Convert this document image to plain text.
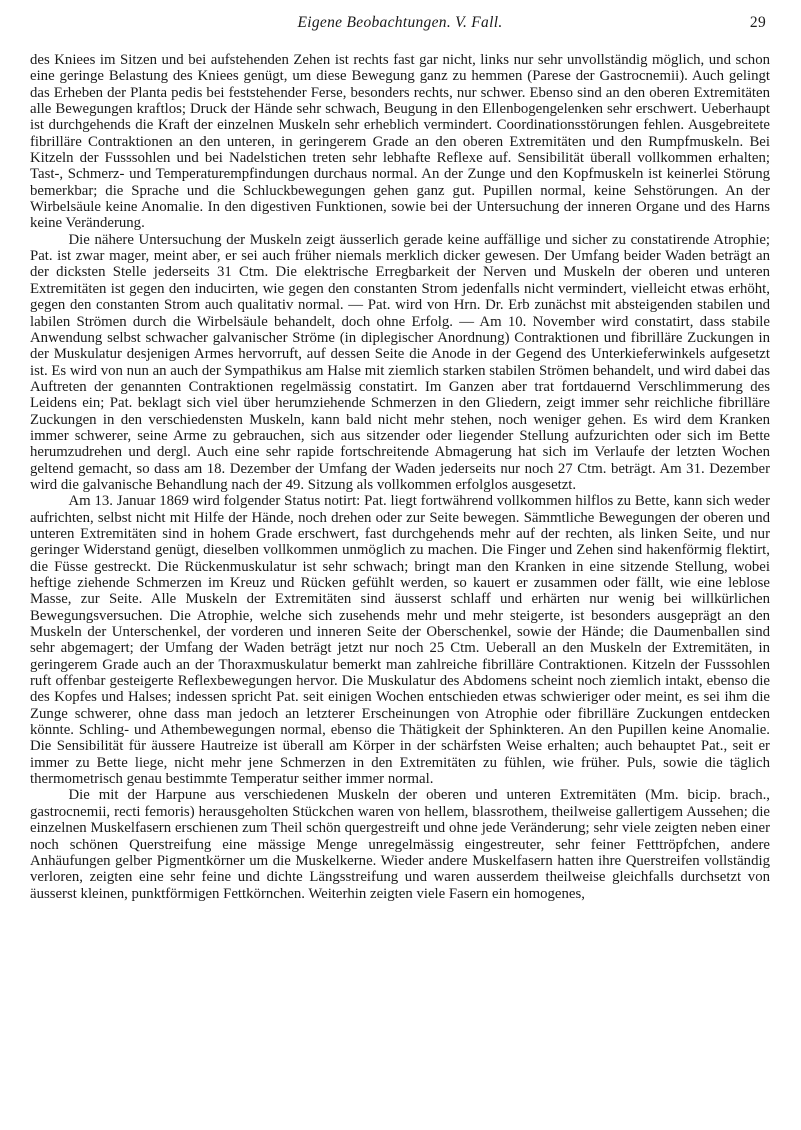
Eigene Beobachtungen. V. Fall.	29

des Kniees im Sitzen und bei aufstehenden Zehen ist rechts fast gar nicht, links nur sehr unvollständig möglich, und schon eine geringe Belastung des Kniees genügt, um diese Bewegung ganz zu hemmen (Parese der Gastrocnemii). Auch gelingt das Erheben der Planta pedis bei feststehender Ferse, besonders rechts, nur schwer. Ebenso sind an den oberen Extremitäten alle Bewegungen kraftlos; Druck der Hände sehr schwach, Beugung in den Ellenbogengelenken sehr erschwert. Ueberhaupt ist durchgehends die Kraft der einzelnen Muskeln sehr erheblich vermindert. Coordinationsstörungen fehlen. Ausgebreitete fibrilläre Contraktionen an den unteren, in geringerem Grade an den oberen Extremitäten und den Rumpfmuskeln. Bei Kitzeln der Fusssohlen und bei Nadelstichen treten sehr lebhafte Reflexe auf. Sensibilität überall vollkommen erhalten; Tast-, Schmerz- und Temperaturempfindungen durchaus normal. An der Zunge und den Kopfmuskeln ist keinerlei Störung bemerkbar; die Sprache und die Schluckbewegungen gehen ganz gut. Pupillen normal, keine Sehstörungen. An der Wirbelsäule keine Anomalie. In den digestiven Funktionen, sowie bei der Untersuchung der inneren Organe und des Harns keine Veränderung.

Die nähere Untersuchung der Muskeln zeigt äusserlich gerade keine auffällige und sicher zu constatirende Atrophie; Pat. ist zwar mager, meint aber, er sei auch früher niemals merklich dicker gewesen. Der Umfang beider Waden beträgt an der dicksten Stelle jederseits 31 Ctm. Die elektrische Erregbarkeit der Nerven und Muskeln der oberen und unteren Extremitäten ist gegen den inducirten, wie gegen den constanten Strom jedenfalls nicht vermindert, vielleicht etwas erhöht, gegen den constanten Strom auch qualitativ normal. — Pat. wird von Hrn. Dr. Erb zunächst mit absteigenden stabilen und labilen Strömen durch die Wirbelsäule behandelt, doch ohne Erfolg. — Am 10. November wird constatirt, dass stabile Anwendung selbst schwacher galvanischer Ströme (in diplegischer Anordnung) Contraktionen und fibrilläre Zuckungen in der Muskulatur desjenigen Armes hervorruft, auf dessen Seite die Anode in der Gegend des Unterkieferwinkels aufgesetzt ist. Es wird von nun an auch der Sympathikus am Halse mit ziemlich starken stabilen Strömen behandelt, und wird dabei das Auftreten der genannten Contraktionen regelmässig constatirt. Im Ganzen aber trat fortdauernd Verschlimmerung des Leidens ein; Pat. beklagt sich viel über herumziehende Schmerzen in den Gliedern, zeigt immer sehr reichliche fibrilläre Zuckungen in den verschiedensten Muskeln, kann bald nicht mehr stehen, noch weniger gehen. Es wird dem Kranken immer schwerer, seine Arme zu gebrauchen, sich aus sitzender oder liegender Stellung aufzurichten oder sich im Bette herumzudrehen und dergl. Auch eine sehr rapide fortschreitende Abmagerung hat sich im Verlaufe der letzten Wochen geltend gemacht, so dass am 18. Dezember der Umfang der Waden jederseits nur noch 27 Ctm. beträgt. Am 31. Dezember wird die galvanische Behandlung nach der 49. Sitzung als vollkommen erfolglos ausgesetzt.

Am 13. Januar 1869 wird folgender Status notirt: Pat. liegt fortwährend vollkommen hilflos zu Bette, kann sich weder aufrichten, selbst nicht mit Hilfe der Hände, noch drehen oder zur Seite bewegen. Sämmtliche Bewegungen der oberen und unteren Extremitäten sind in hohem Grade erschwert, fast durchgehends mehr auf der rechten, als linken Seite, und nur geringer Widerstand genügt, dieselben vollkommen unmöglich zu machen. Die Finger und Zehen sind hakenförmig flektirt, die Füsse gestreckt. Die Rückenmuskulatur ist sehr schwach; bringt man den Kranken in eine sitzende Stellung, wobei heftige ziehende Schmerzen im Kreuz und Rücken gefühlt werden, so kauert er zusammen oder fällt, wie eine leblose Masse, zur Seite. Alle Muskeln der Extremitäten sind äusserst schlaff und erhärten nur wenig bei willkürlichen Bewegungsversuchen. Die Atrophie, welche sich zusehends mehr und mehr steigerte, ist besonders ausgeprägt an den Muskeln der Unterschenkel, der vorderen und inneren Seite der Oberschenkel, sowie der Hände; die Daumenballen sind sehr abgemagert; der Umfang der Waden beträgt jetzt nur noch 25 Ctm. Ueberall an den Muskeln der Extremitäten, in geringerem Grade auch an der Thoraxmuskulatur bemerkt man zahlreiche fibrilläre Contraktionen. Kitzeln der Fusssohlen ruft offenbar gesteigerte Reflexbewegungen hervor. Die Muskulatur des Abdomens scheint noch ziemlich intakt, ebenso die des Kopfes und Halses; indessen spricht Pat. seit einigen Wochen entschieden etwas schwieriger oder meint, es sei ihm die Zunge schwerer, ohne dass man jedoch an letzterer Erscheinungen von Atrophie oder fibrilläre Zuckungen entdecken könnte. Schling- und Athembewegungen normal, ebenso die Thätigkeit der Sphinkteren. An den Pupillen keine Anomalie. Die Sensibilität für äussere Hautreize ist überall am Körper in der schärfsten Weise erhalten; auch behauptet Pat., seit er immer zu Bette liege, nicht mehr jene Schmerzen in den Extremitäten zu fühlen, wie früher. Puls, sowie die täglich thermometrisch genau bestimmte Temperatur seither immer normal.

Die mit der Harpune aus verschiedenen Muskeln der oberen und unteren Extremitäten (Mm. bicip. brach., gastrocnemii, recti femoris) herausgeholten Stückchen waren von hellem, blassrothem, theilweise gallertigem Aussehen; die einzelnen Muskelfasern erschienen zum Theil schön quergestreift und ohne jede Veränderung; sehr viele zeigten neben einer noch schönen Querstreifung eine mässige Menge unregelmässig eingestreuter, sehr feiner Fetttröpfchen, andere Anhäufungen gelber Pigmentkörner um die Muskelkerne. Wieder andere Muskelfasern hatten ihre Querstreifen vollständig verloren, zeigten eine sehr feine und dichte Längsstreifung und waren ausserdem theilweise gleichfalls durchsetzt von äusserst kleinen, punktförmigen Fettkörnchen. Weiterhin zeigten viele Fasern ein homogenes,
